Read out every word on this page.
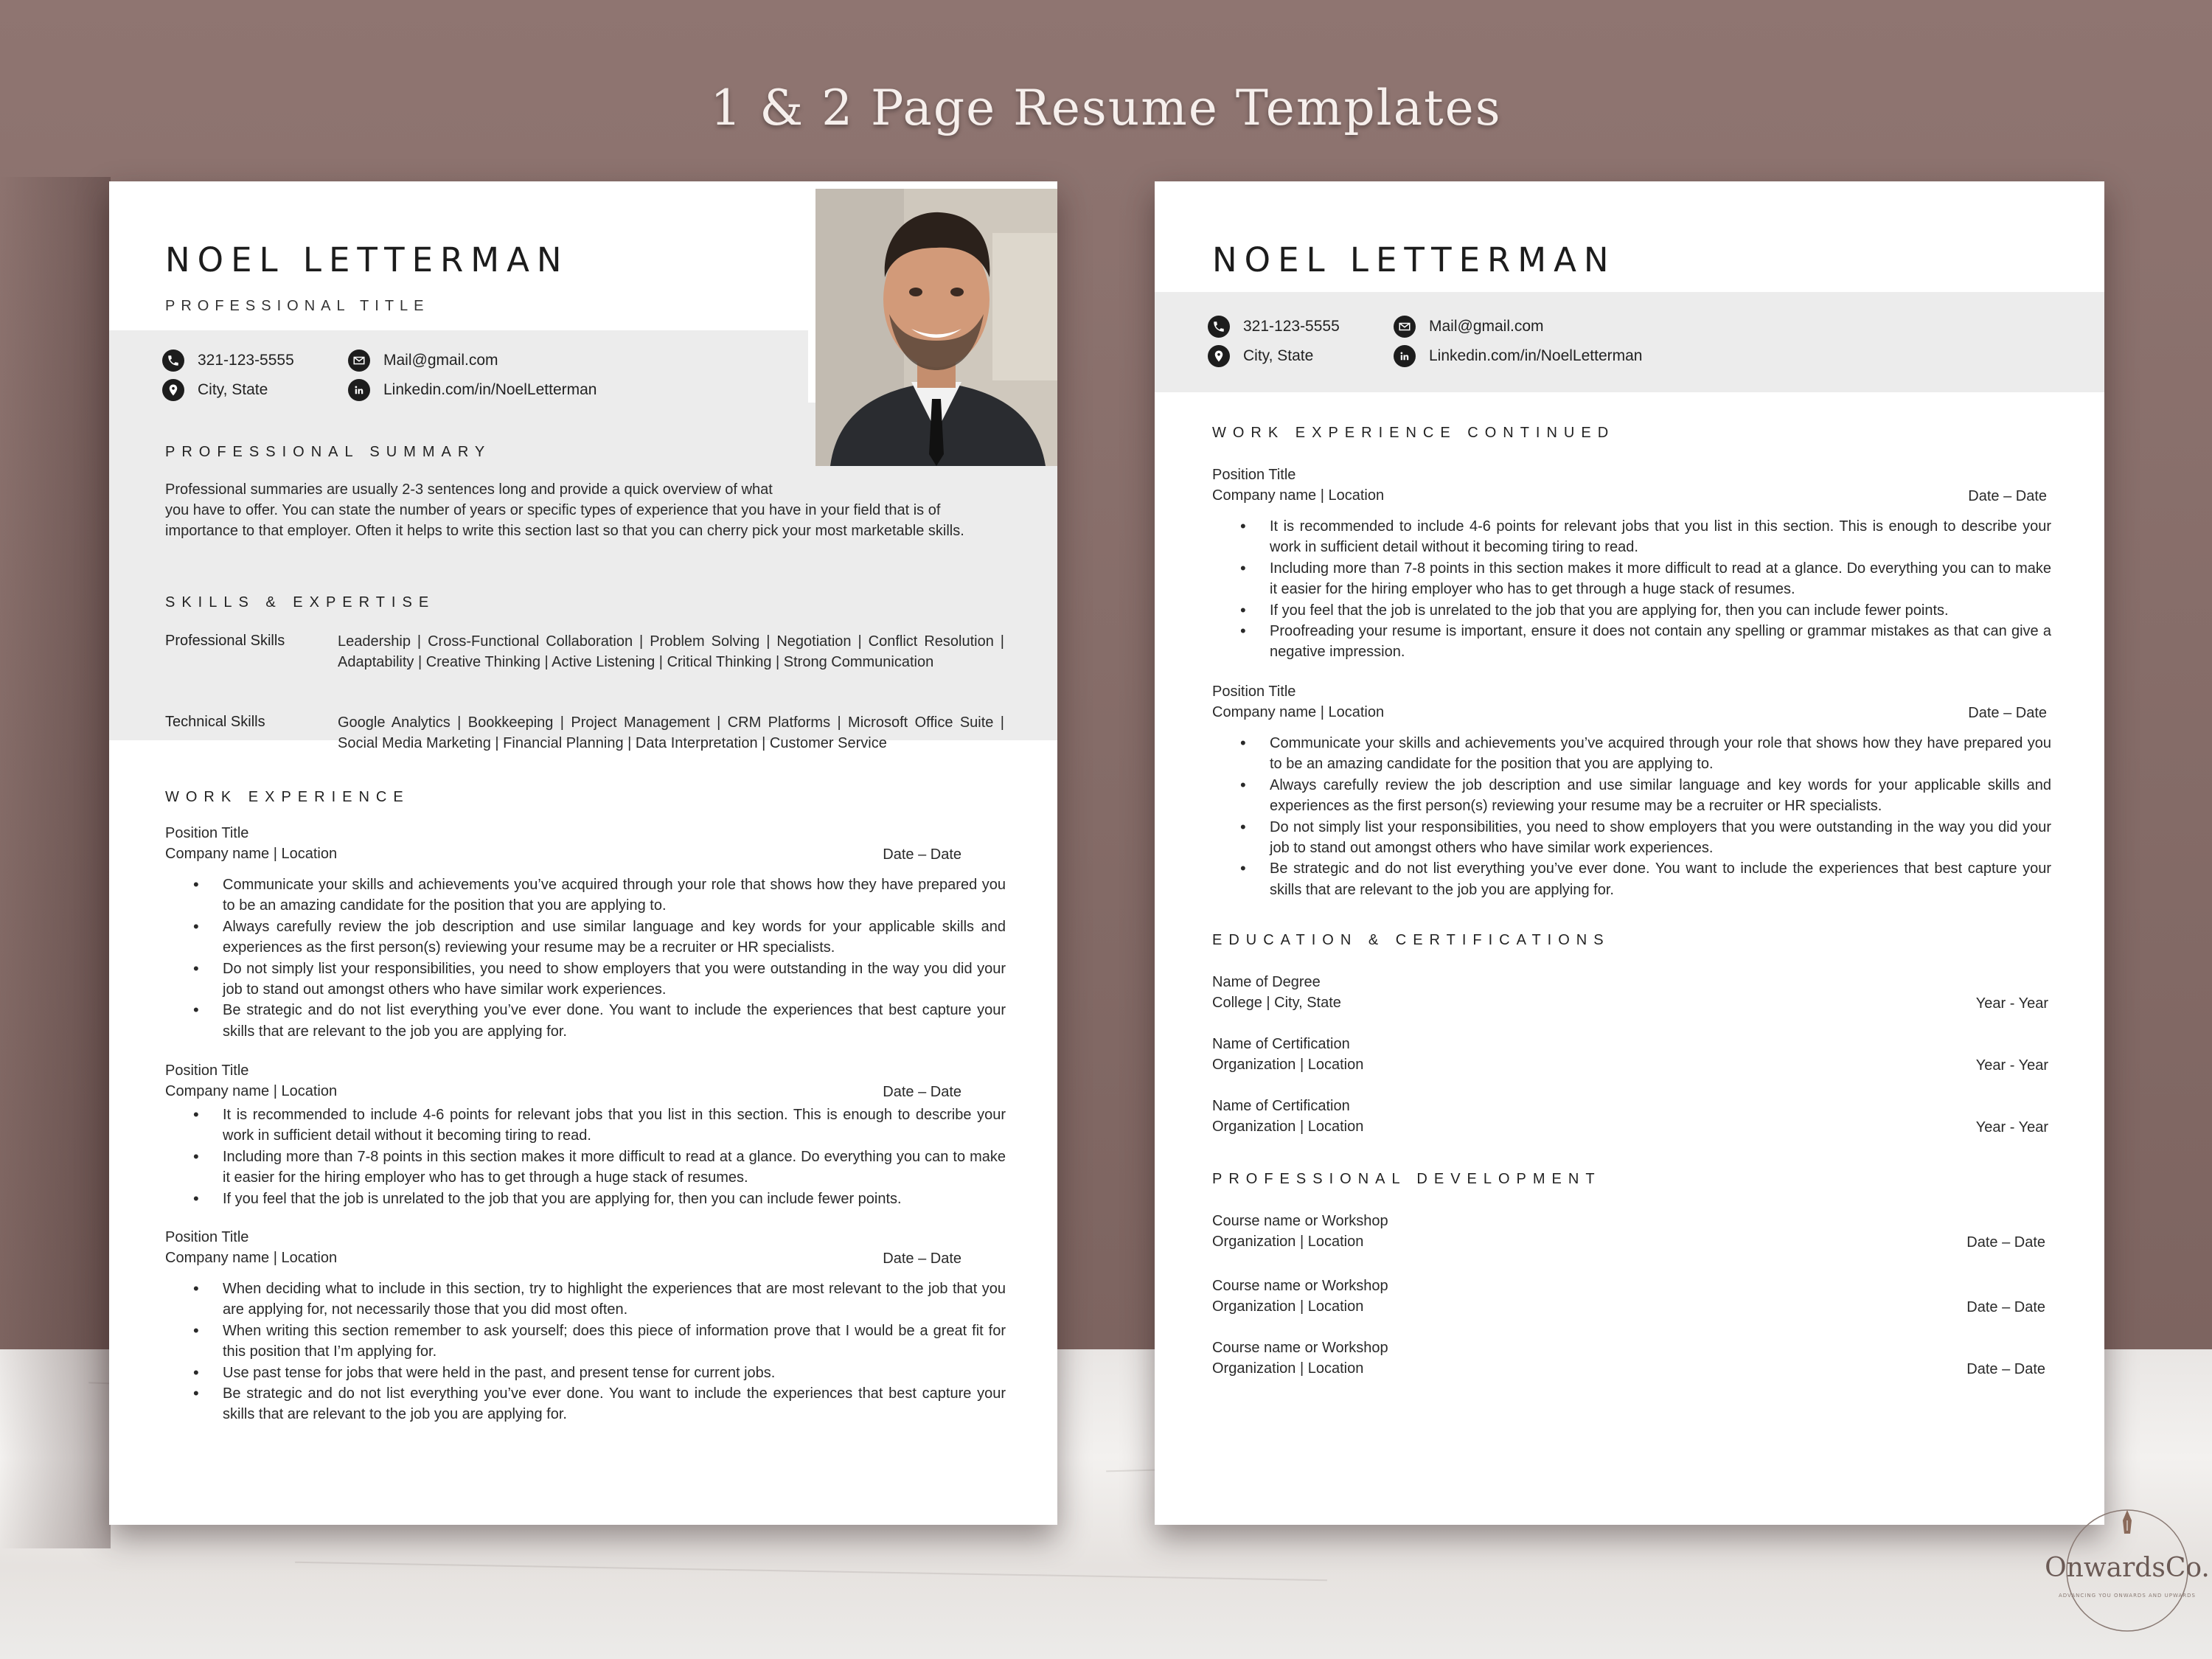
1 & 2 Page Resume Templates
NOEL LETTERMAN
PROFESSIONAL TITLE
321-123-5555
City, State
Mail@gmail.com
Linkedin.com/in/NoelLetterman
PROFESSIONAL SUMMARY
Professional summaries are usually 2-3 sentences long and provide a quick overview of what
you have to offer. You can state the number of years or specific types of experience that you have in your field that is of
importance to that employer. Often it helps to write this section last so that you can cherry pick your most marketable skills.
SKILLS & EXPERTISE
Professional Skills	Leadership | Cross-Functional Collaboration | Problem Solving | Negotiation | Conflict Resolution | Adaptability | Creative Thinking | Active Listening | Critical Thinking | Strong Communication
Technical Skills	Google Analytics | Bookkeeping | Project Management | CRM Platforms | Microsoft Office Suite | Social Media Marketing | Financial Planning | Data Interpretation | Customer Service
WORK EXPERIENCE
Position Title
Company name | Location	Date – Date
• Communicate your skills and achievements you’ve acquired through your role that shows how they have prepared you to be an amazing candidate for the position that you are applying to.
• Always carefully review the job description and use similar language and key words for your applicable skills and experiences as the first person(s) reviewing your resume may be a recruiter or HR specialists.
• Do not simply list your responsibilities, you need to show employers that you were outstanding in the way you did your job to stand out amongst others who have similar work experiences.
• Be strategic and do not list everything you’ve ever done. You want to include the experiences that best capture your skills that are relevant to the job you are applying for.
Position Title
Company name | Location	Date – Date
• It is recommended to include 4-6 points for relevant jobs that you list in this section. This is enough to describe your work in sufficient detail without it becoming tiring to read.
• Including more than 7-8 points in this section makes it more difficult to read at a glance. Do everything you can to make it easier for the hiring employer who has to get through a huge stack of resumes.
• If you feel that the job is unrelated to the job that you are applying for, then you can include fewer points.
Position Title
Company name | Location	Date – Date
• When deciding what to include in this section, try to highlight the experiences that are most relevant to the job that you are applying for, not necessarily those that you did most often.
• When writing this section remember to ask yourself; does this piece of information prove that I would be a great fit for this position that I’m applying for.
• Use past tense for jobs that were held in the past, and present tense for current jobs.
• Be strategic and do not list everything you’ve ever done. You want to include the experiences that best capture your skills that are relevant to the job you are applying for.
NOEL LETTERMAN
321-123-5555
City, State
Mail@gmail.com
Linkedin.com/in/NoelLetterman
WORK EXPERIENCE CONTINUED
Position Title
Company name | Location	Date – Date
• It is recommended to include 4-6 points for relevant jobs that you list in this section. This is enough to describe your work in sufficient detail without it becoming tiring to read.
• Including more than 7-8 points in this section makes it more difficult to read at a glance. Do everything you can to make it easier for the hiring employer who has to get through a huge stack of resumes.
• If you feel that the job is unrelated to the job that you are applying for, then you can include fewer points.
• Proofreading your resume is important, ensure it does not contain any spelling or grammar mistakes as that can give a negative impression.
Position Title
Company name | Location	Date – Date
• Communicate your skills and achievements you’ve acquired through your role that shows how they have prepared you to be an amazing candidate for the position that you are applying to.
• Always carefully review the job description and use similar language and key words for your applicable skills and experiences as the first person(s) reviewing your resume may be a recruiter or HR specialists.
• Do not simply list your responsibilities, you need to show employers that you were outstanding in the way you did your job to stand out amongst others who have similar work experiences.
• Be strategic and do not list everything you’ve ever done. You want to include the experiences that best capture your skills that are relevant to the job you are applying for.
EDUCATION & CERTIFICATIONS
Name of Degree
College | City, State	Year - Year
Name of Certification
Organization | Location	Year - Year
Name of Certification
Organization | Location	Year - Year
PROFESSIONAL DEVELOPMENT
Course name or Workshop
Organization | Location	Date – Date
Course name or Workshop
Organization | Location	Date – Date
Course name or Workshop
Organization | Location	Date – Date
OnwardsCo.
ADVANCING YOU ONWARDS AND UPWARDS
